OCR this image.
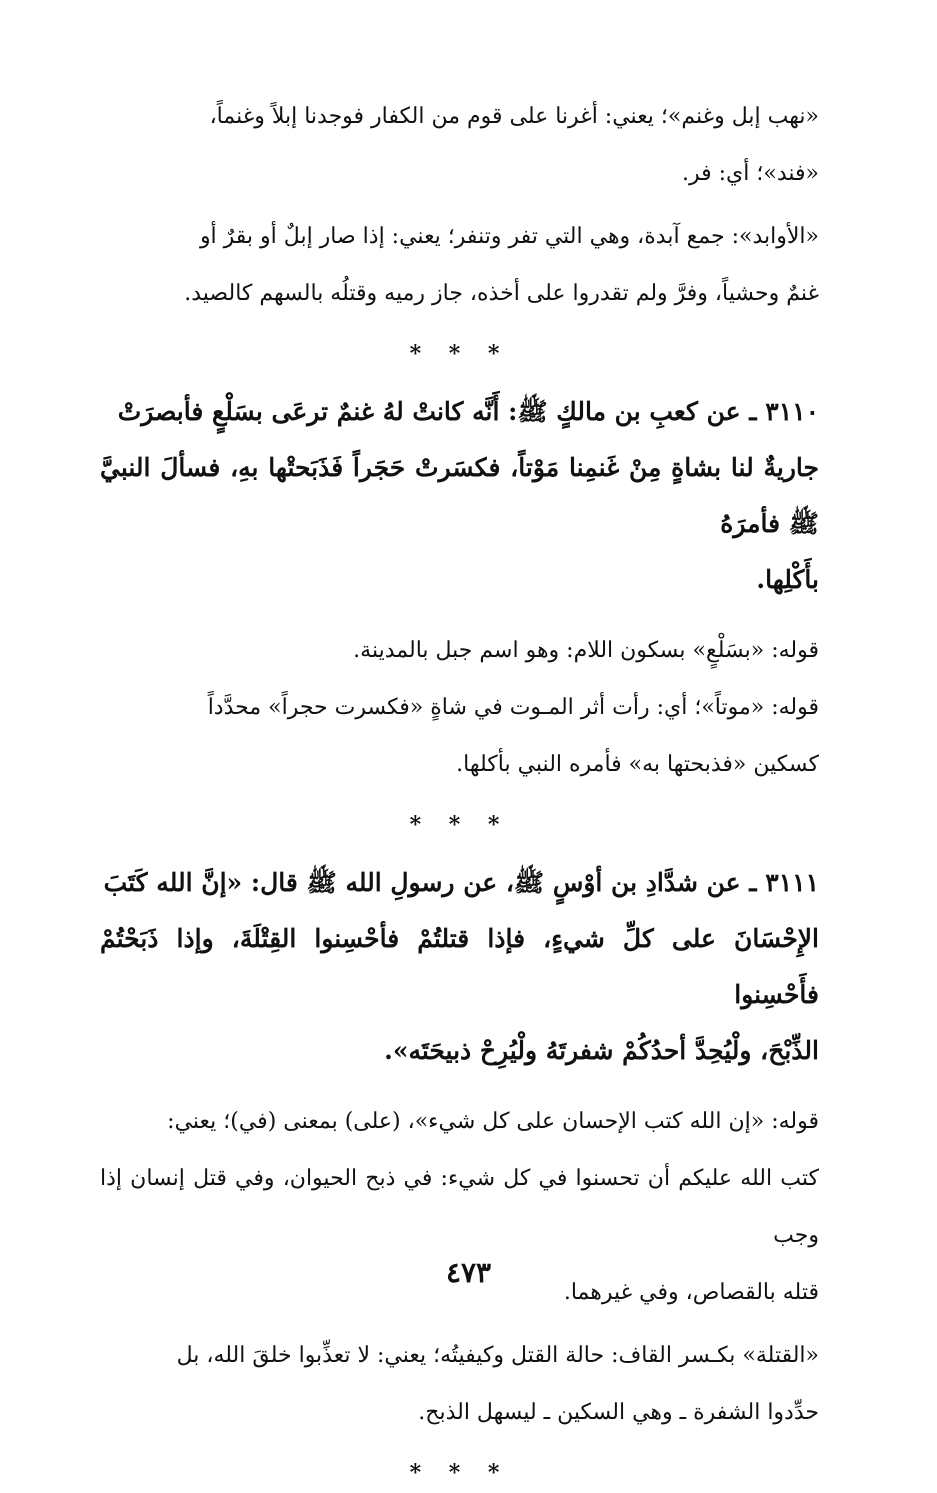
«نهب إبل وغنم»؛ يعني: أغرنا على قوم من الكفار فوجدنا إبلاً وغنماً،
«فند»؛ أي: فر.

«الأوابد»: جمع آبدة، وهي التي تفر وتنفر؛ يعني: إذا صار إبلٌ أو بقرٌ أو
غنمٌ وحشياً، وفرَّ ولم تقدروا على أخذه، جاز رميه وقتلُه بالسهم كالصيد.

* * *

٣١١٠ ـ عن كعبِ بن مالكٍ ﷺ: أَنَّه كانتْ لهُ غنمٌ ترعَى بسَلْعٍ فأبصرَتْ
جاريةٌ لنا بشاةٍ مِنْ غَنمِنا مَوْتاً، فكسَرتْ حَجَراً فَذَبَحتْها بهِ، فسألَ النبيَّ ﷺ فأمرَهُ
بأَكْلِها.

قوله: «بسَلْعٍ» بسكون اللام: وهو اسم جبل بالمدينة.

قوله: «موتاً»؛ أي: رأت أثر المـوت في شاةٍ «فكسرت حجراً» محدَّداً
كسكين «فذبحتها به» فأمره النبي بأكلها.

* * *

٣١١١ ـ عن شدَّادِ بن أوْسٍ ﷺ، عن رسولِ الله ﷺ قال: «إنَّ الله كَتَبَ
الإِحْسَانَ على كلِّ شيءٍ، فإذا قتلتُمْ فأحْسِنوا القِتْلَةَ، وإذا ذَبَحْتُمْ فأَحْسِنوا
الذِّبْحَ، ولْيُحِدَّ أحدُكُمْ شفرتَهُ ولْيُرِحْ ذبيحَتَه».

قوله: «إن الله كتب الإحسان على كل شيء»، (على) بمعنى (في)؛ يعني:
كتب الله عليكم أن تحسنوا في كل شيء: في ذبح الحيوان، وفي قتل إنسان إذا وجب
قتله بالقصاص، وفي غيرهما.

«القتلة» بكـسر القاف: حالة القتل وكيفيتُه؛ يعني: لا تعذِّبوا خلقَ الله، بل
حدِّدوا الشفرة ـ وهي السكين ـ ليسهل الذبح.

* * *
٤٧٣
